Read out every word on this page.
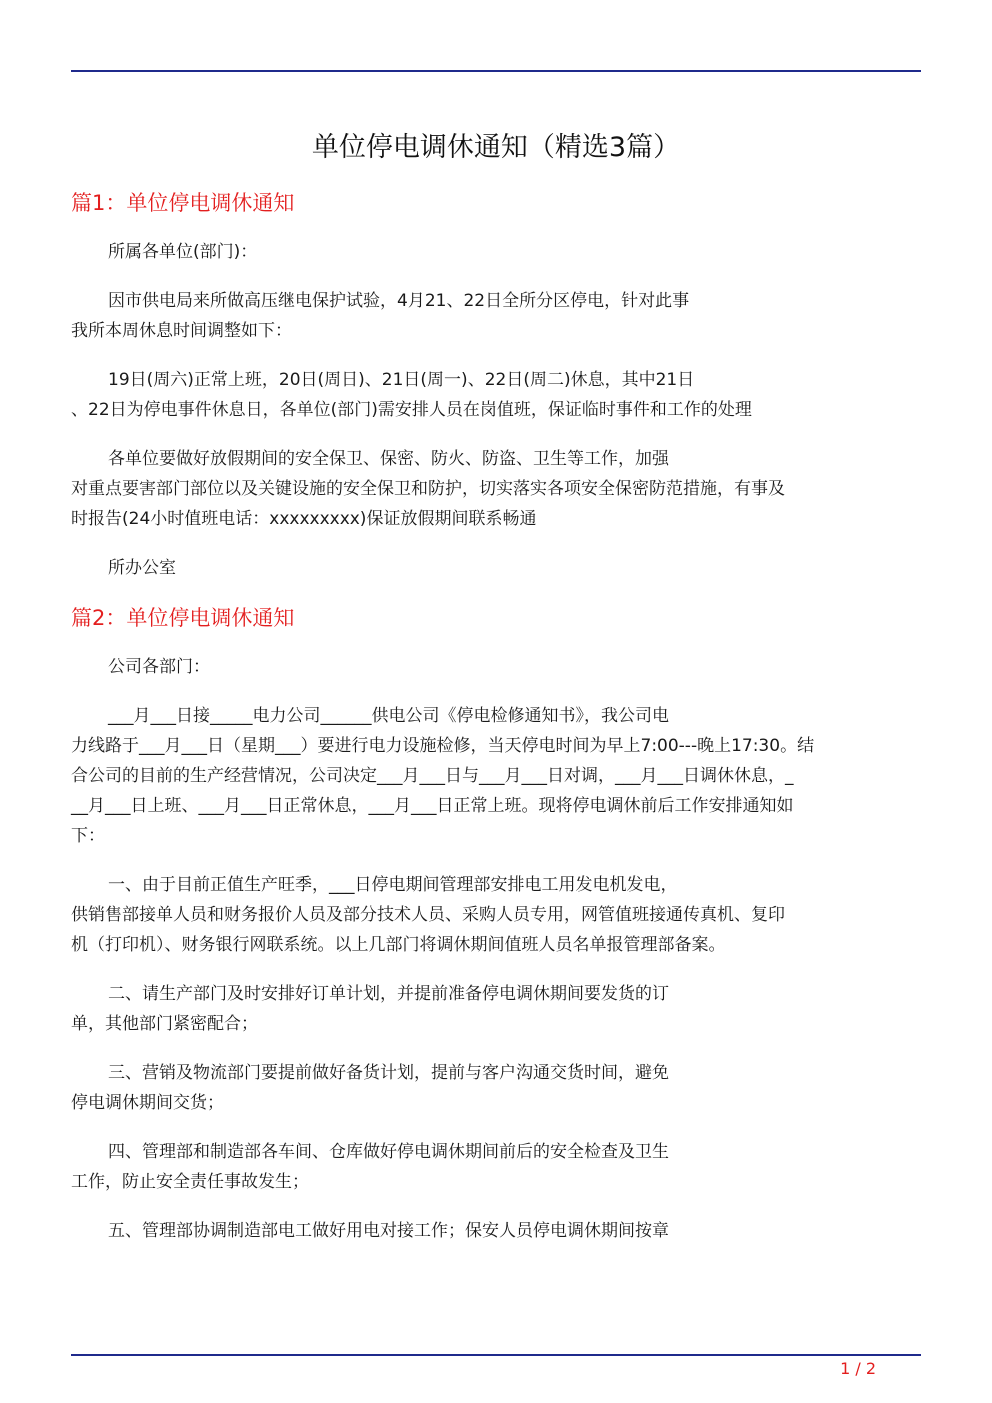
单位停电调休通知（精选3篇）
篇1：单位停电调休通知
所属各单位(部门)：
因市供电局来所做高压继电保护试验，4月21、22日全所分区停电，针对此事
我所本周休息时间调整如下：
19日(周六)正常上班，20日(周日)、21日(周一)、22日(周二)休息，其中21日
、22日为停电事件休息日，各单位(部门)需安排人员在岗值班，保证临时事件和工作的处理
各单位要做好放假期间的安全保卫、保密、防火、防盗、卫生等工作，加强
对重点要害部门部位以及关键设施的安全保卫和防护，切实落实各项安全保密防范措施，有事及
时报告(24小时值班电话：xxxxxxxxx)保证放假期间联系畅通
所办公室
篇2：单位停电调休通知
公司各部门：
___月___日接_____电力公司______供电公司《停电检修通知书》，我公司电
力线路于___月___日（星期___）要进行电力设施检修，当天停电时间为早上7:00---晚上17:30。结
合公司的目前的生产经营情况，公司决定___月___日与___月___日对调，___月___日调休休息，_
__月___日上班、___月___日正常休息，___月___日正常上班。现将停电调休前后工作安排通知如
下：
一、由于目前正值生产旺季，___日停电期间管理部安排电工用发电机发电，
供销售部接单人员和财务报价人员及部分技术人员、采购人员专用，网管值班接通传真机、复印
机（打印机）、财务银行网联系统。以上几部门将调休期间值班人员名单报管理部备案。
二、请生产部门及时安排好订单计划，并提前准备停电调休期间要发货的订
单，其他部门紧密配合；
三、营销及物流部门要提前做好备货计划，提前与客户沟通交货时间，避免
停电调休期间交货；
四、管理部和制造部各车间、仓库做好停电调休期间前后的安全检查及卫生
工作，防止安全责任事故发生；
五、管理部协调制造部电工做好用电对接工作；保安人员停电调休期间按章
1 / 2
